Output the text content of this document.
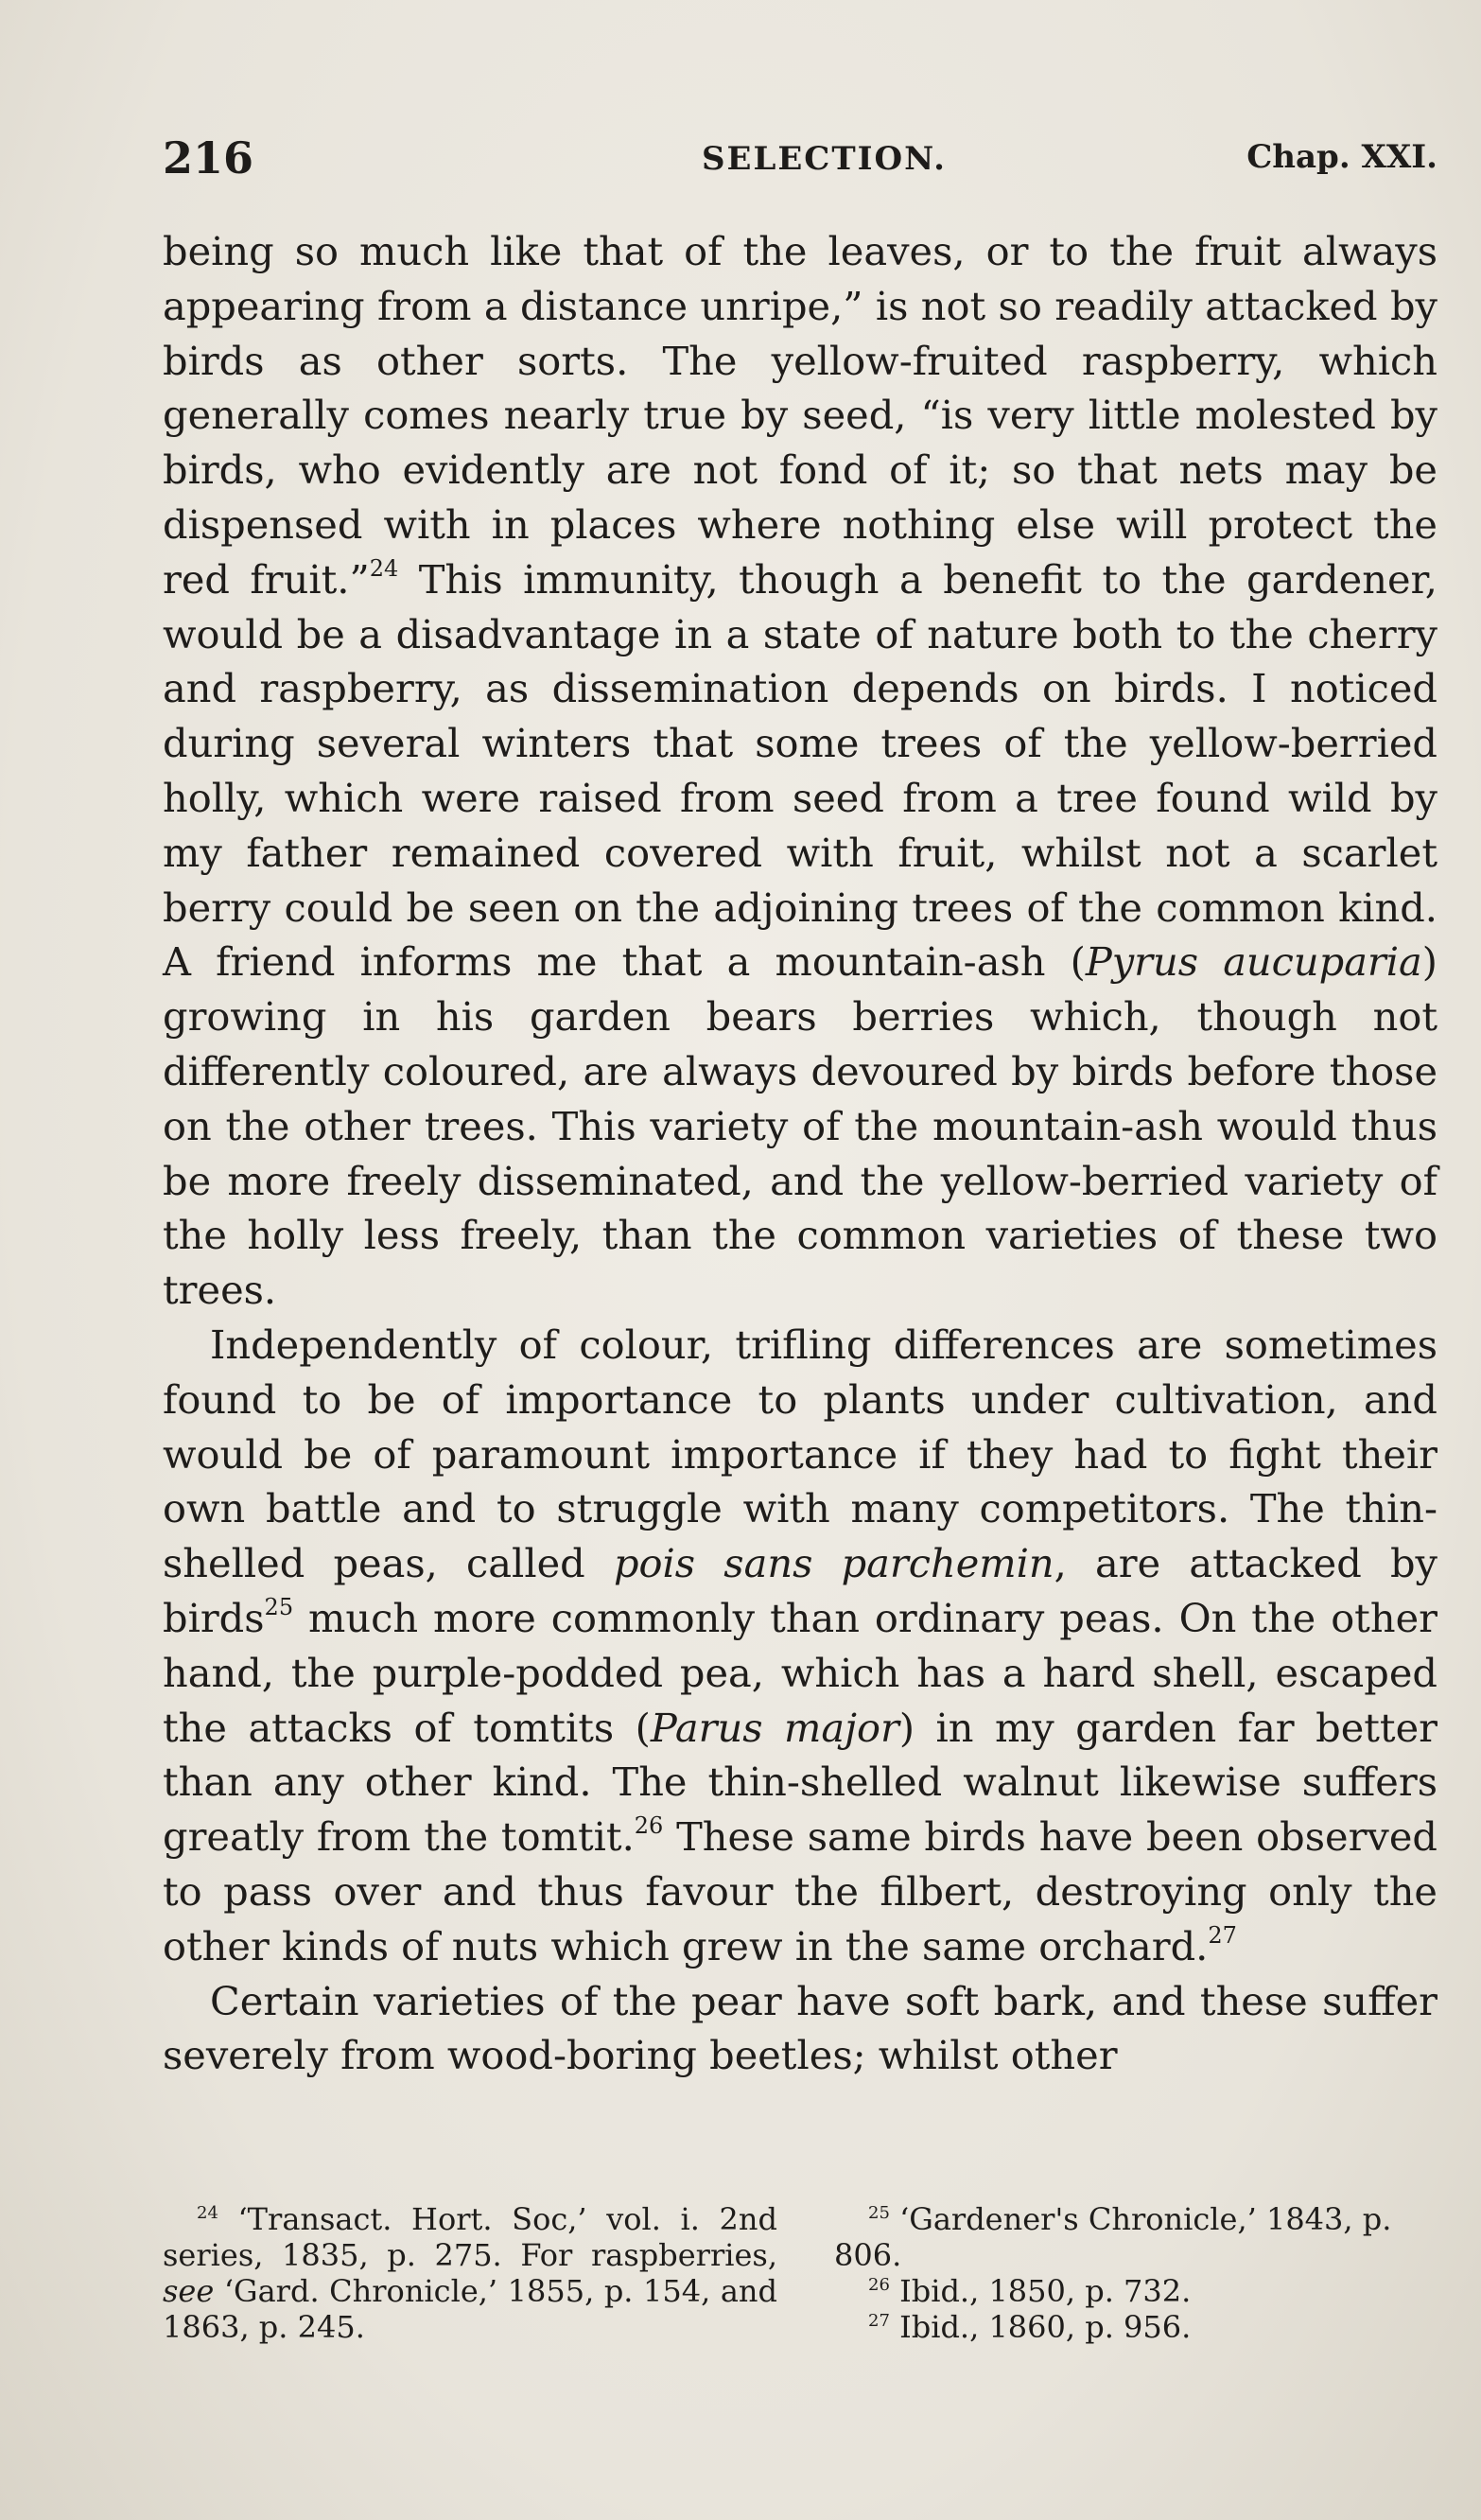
216	SELECTION.	Chap. XXI.

being so much like that of the leaves, or to the fruit always appearing from a distance unripe,” is not so readily attacked by birds as other sorts. The yellow-fruited raspberry, which generally comes nearly true by seed, “is very little molested by birds, who evidently are not fond of it; so that nets may be dispensed with in places where nothing else will protect the red fruit.”$^{24}$ This immunity, though a benefit to the gardener, would be a disadvantage in a state of nature both to the cherry and raspberry, as dissemination depends on birds. I noticed during several winters that some trees of the yellow-berried holly, which were raised from seed from a tree found wild by my father remained covered with fruit, whilst not a scarlet berry could be seen on the adjoining trees of the common kind. A friend informs me that a mountain-ash (Pyrus aucuparia) growing in his garden bears berries which, though not differently coloured, are always devoured by birds before those on the other trees. This variety of the mountain-ash would thus be more freely disseminated, and the yellow-berried variety of the holly less freely, than the common varieties of these two trees.

Independently of colour, trifling differences are sometimes found to be of importance to plants under cultivation, and would be of paramount importance if they had to fight their own battle and to struggle with many competitors. The thin-shelled peas, called pois sans parchemin, are attacked by birds$^{25}$ much more commonly than ordinary peas. On the other hand, the purple-podded pea, which has a hard shell, escaped the attacks of tomtits (Parus major) in my garden far better than any other kind. The thin-shelled walnut likewise suffers greatly from the tomtit.$^{26}$ These same birds have been observed to pass over and thus favour the filbert, destroying only the other kinds of nuts which grew in the same orchard.$^{27}$

Certain varieties of the pear have soft bark, and these suffer severely from wood-boring beetles; whilst other

$^{24}$ ‘Transact. Hort. Soc,’ vol. i. 2nd series, 1835, p. 275. For raspberries, see ‘Gard. Chronicle,’ 1855, p. 154, and 1863, p. 245.

$^{25}$ ‘Gardener's Chronicle,’ 1843, p. 806.

$^{26}$ Ibid., 1850, p. 732.

$^{27}$ Ibid., 1860, p. 956.
